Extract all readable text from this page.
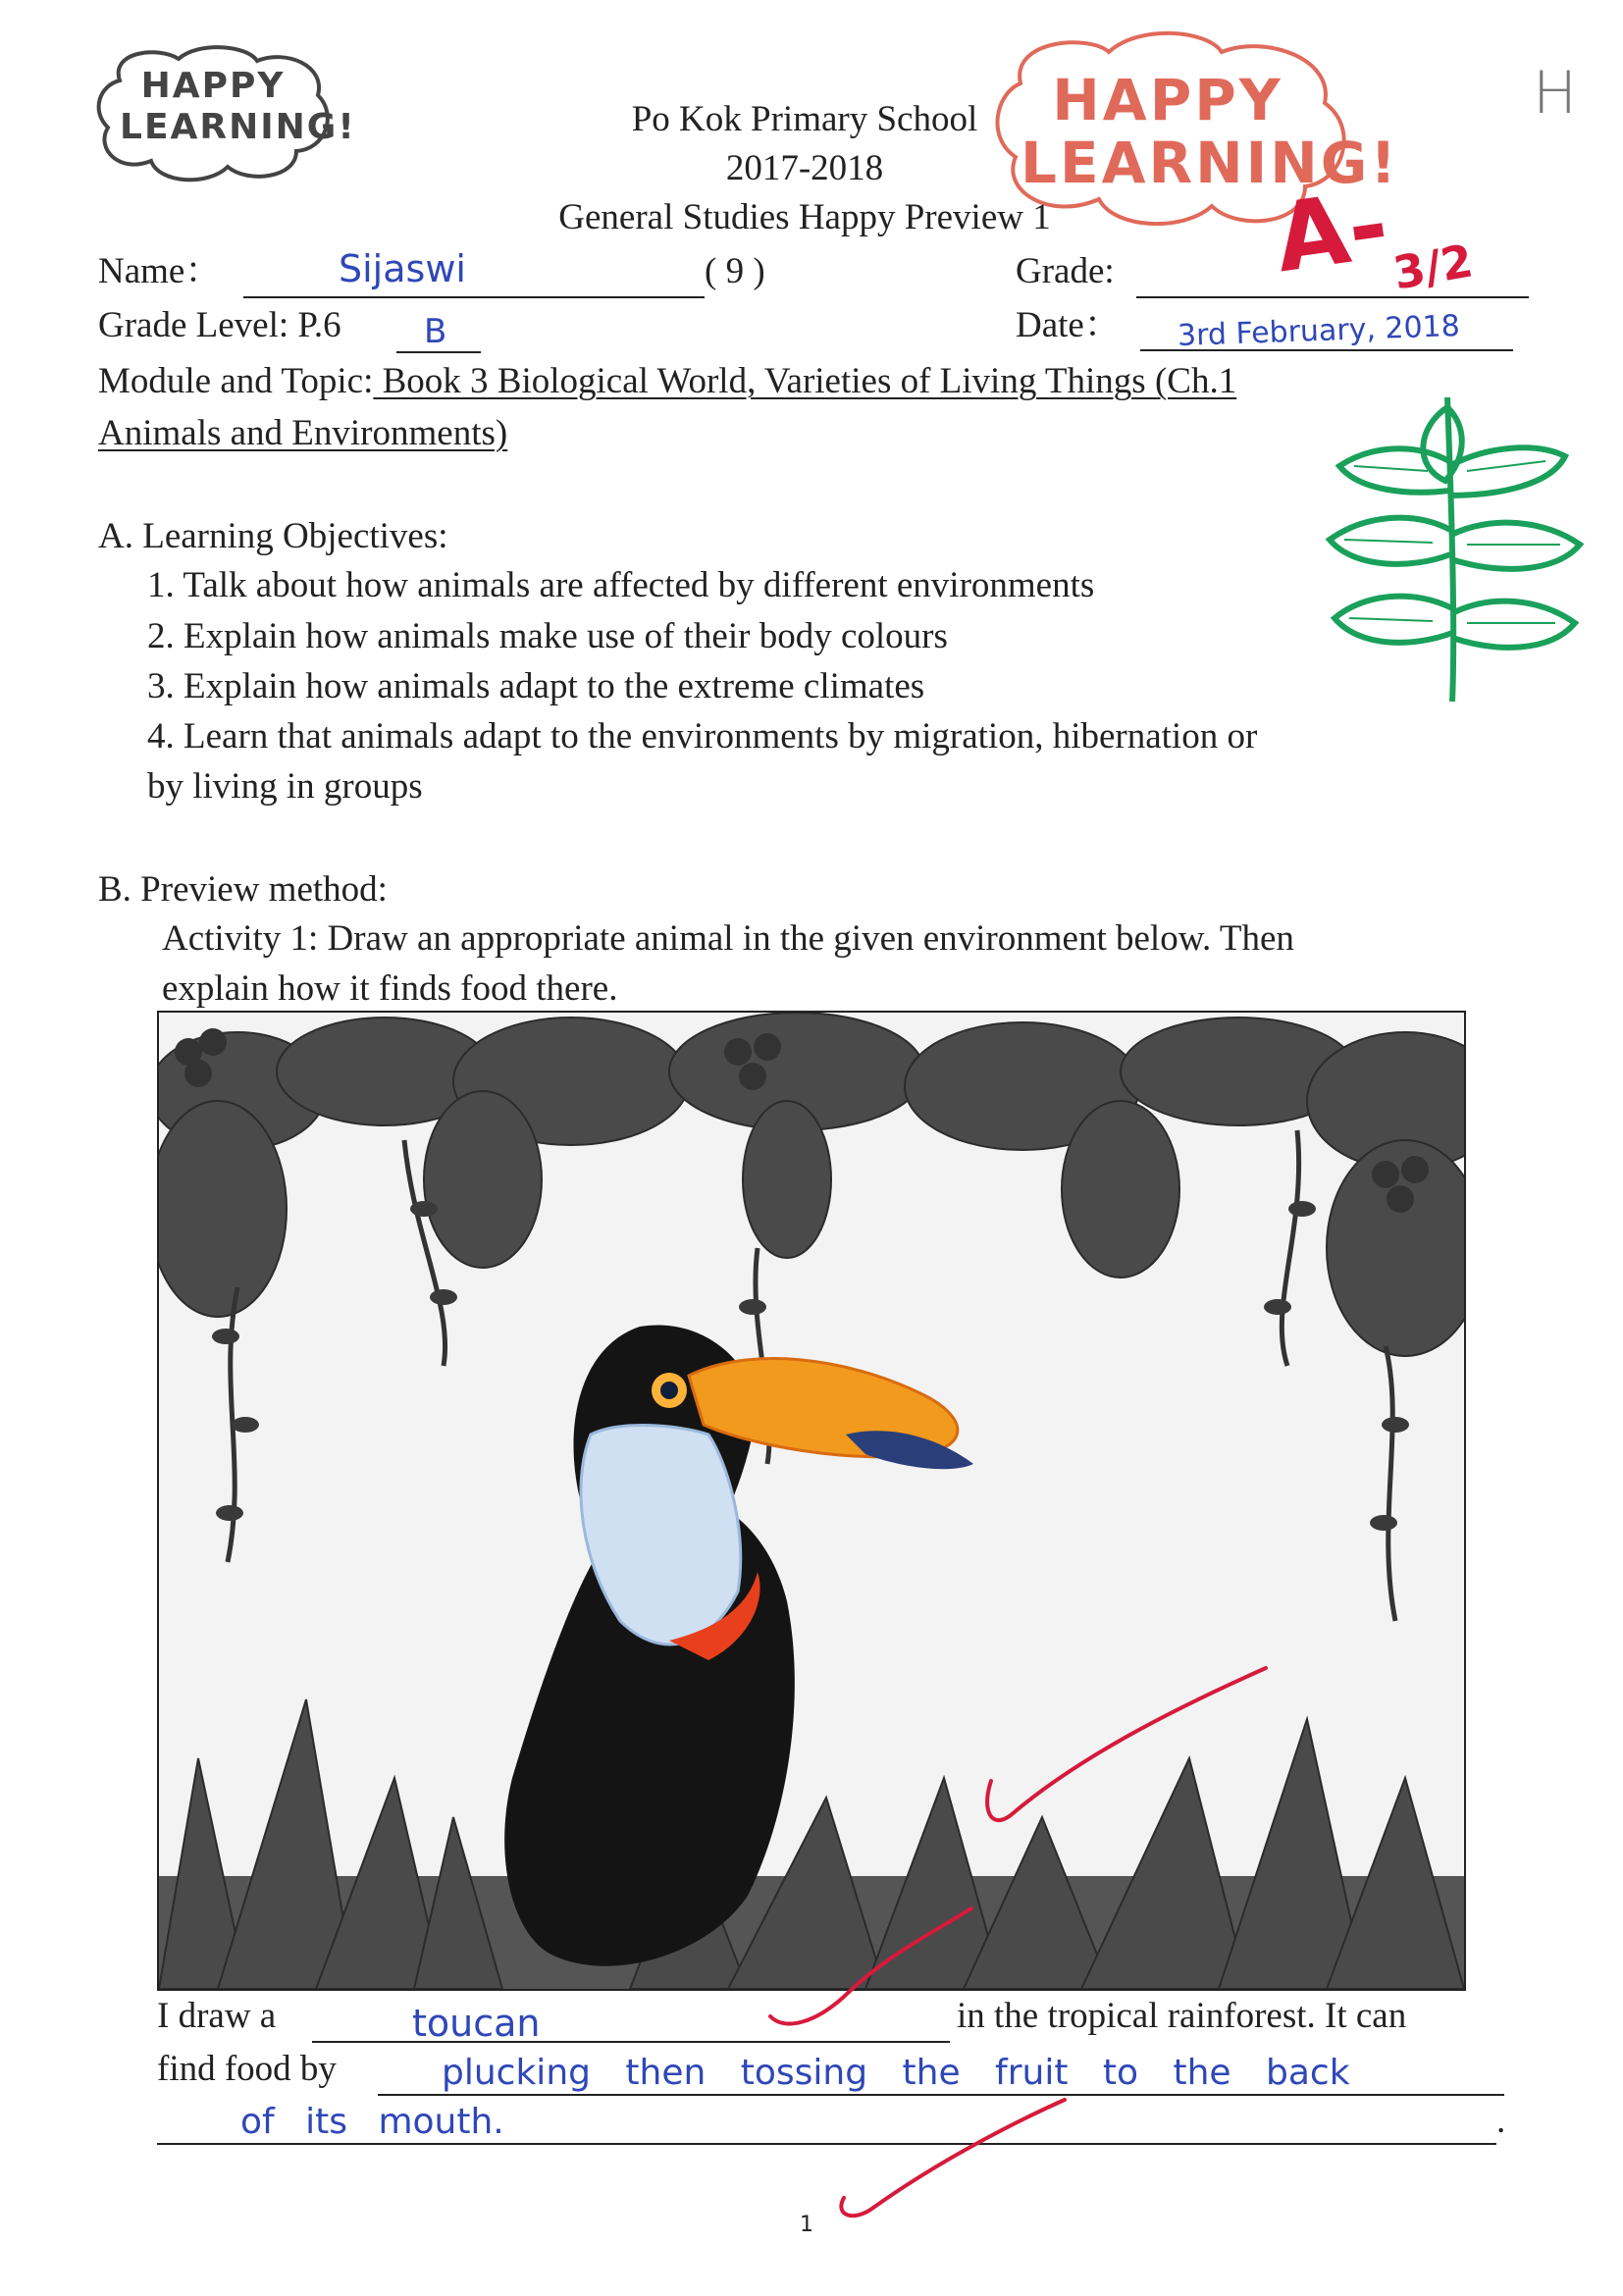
HAPPY LEARNING!	HAPPY LEARNING!
H
Po Kok Primary School
2017-2018
General Studies Happy Preview 1
Name：	Sijaswi	( 9 )	Grade: A-
3/2
Grade Level: P.6 B	Date： 3rd February, 2018
Module and Topic: Book 3 Biological World, Varieties of Living Things (Ch.1
Animals and Environments)
A. Learning Objectives:
1. Talk about how animals are affected by different environments
2. Explain how animals make use of their body colours
3. Explain how animals adapt to the extreme climates
4. Learn that animals adapt to the environments by migration, hibernation or
by living in groups
B. Preview method:
Activity 1: Draw an appropriate animal in the given environment below. Then
explain how it finds food there.
I draw a	toucan	in the tropical rainforest. It can
find food by	plucking then tossing the fruit to the back
of its mouth.	.
1
